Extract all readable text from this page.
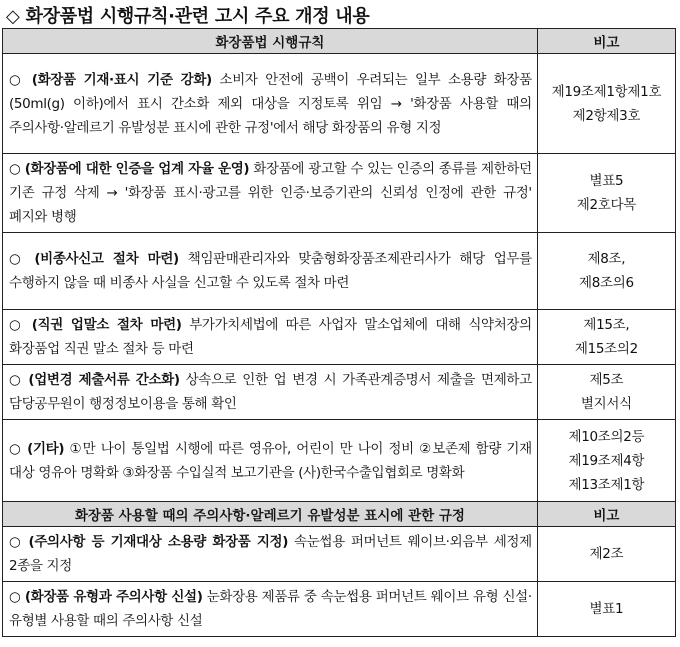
◇ 화장품법 시행규칙·관련 고시 주요 개정 내용
화장품법 시행규칙	비고
○ (화장품 기재·표시 기준 강화) 소비자 안전에 공백이 우려되는 일부 소용량 화장품(50ml(g) 이하)에서 표시 간소화 제외 대상을 지정토록 위임 → '화장품 사용할 때의 주의사항·알레르기 유발성분 표시에 관한 규정'에서 해당 화장품의 유형 지정	제19조제1항제1호
제2항제3호
○ (화장품에 대한 인증을 업계 자율 운영) 화장품에 광고할 수 있는 인증의 종류를 제한하던 기존 규정 삭제 → '화장품 표시·광고를 위한 인증·보증기관의 신뢰성 인정에 관한 규정' 폐지와 병행	별표5
제2호다목
○ (비종사신고 절차 마련) 책임판매관리자와 맞춤형화장품조제관리사가 해당 업무를 수행하지 않을 때 비종사 사실을 신고할 수 있도록 절차 마련	제8조,
제8조의6
○ (직권 업말소 절차 마련) 부가가치세법에 따른 사업자 말소업체에 대해 식약처장의 화장품업 직권 말소 절차 등 마련	제15조,
제15조의2
○ (업변경 제출서류 간소화) 상속으로 인한 업 변경 시 가족관계증명서 제출을 면제하고 담당공무원이 행정정보이용을 통해 확인	제5조
별지서식
○ (기타) ①만 나이 통일법 시행에 따른 영유아, 어린이 만 나이 정비 ②보존제 함량 기재 대상 영유아 명확화 ③화장품 수입실적 보고기관을 (사)한국수출입협회로 명확화	제10조의2등
제19조제4항
제13조제1항
화장품 사용할 때의 주의사항·알레르기 유발성분 표시에 관한 규정	비고
○ (주의사항 등 기재대상 소용량 화장품 지정) 속눈썹용 퍼머넌트 웨이브·외음부 세정제 2종을 지정	제2조
○ (화장품 유형과 주의사항 신설) 눈화장용 제품류 중 속눈썹용 퍼머넌트 웨이브 유형 신설·유형별 사용할 때의 주의사항 신설	별표1
